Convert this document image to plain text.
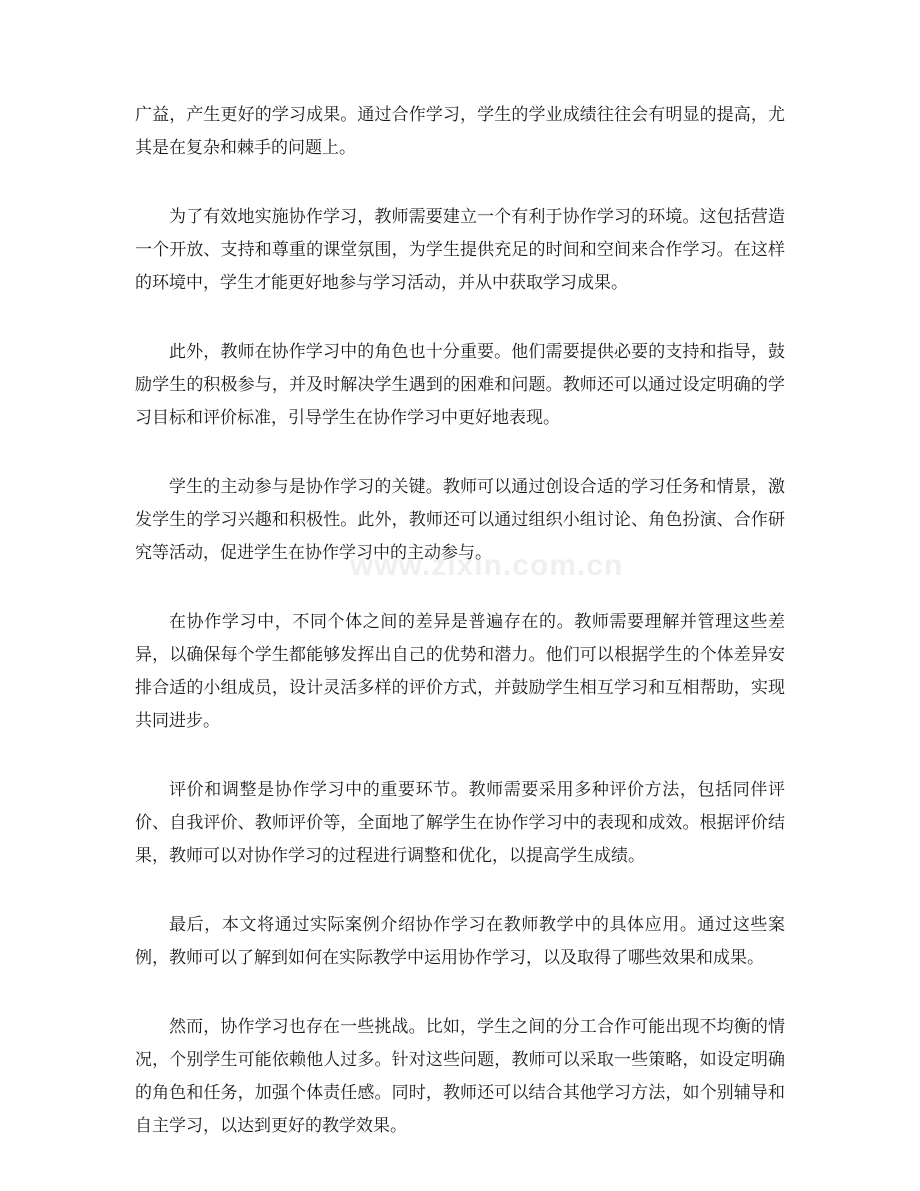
www.zixin.com.cn

广益，产生更好的学习成果。通过合作学习，学生的学业成绩往往会有明显的提高，尤其是在复杂和棘手的问题上。

为了有效地实施协作学习，教师需要建立一个有利于协作学习的环境。这包括营造一个开放、支持和尊重的课堂氛围，为学生提供充足的时间和空间来合作学习。在这样的环境中，学生才能更好地参与学习活动，并从中获取学习成果。

此外，教师在协作学习中的角色也十分重要。他们需要提供必要的支持和指导，鼓励学生的积极参与，并及时解决学生遇到的困难和问题。教师还可以通过设定明确的学习目标和评价标准，引导学生在协作学习中更好地表现。

学生的主动参与是协作学习的关键。教师可以通过创设合适的学习任务和情景，激发学生的学习兴趣和积极性。此外，教师还可以通过组织小组讨论、角色扮演、合作研究等活动，促进学生在协作学习中的主动参与。

在协作学习中，不同个体之间的差异是普遍存在的。教师需要理解并管理这些差异，以确保每个学生都能够发挥出自己的优势和潜力。他们可以根据学生的个体差异安排合适的小组成员，设计灵活多样的评价方式，并鼓励学生相互学习和互相帮助，实现共同进步。

评价和调整是协作学习中的重要环节。教师需要采用多种评价方法，包括同伴评价、自我评价、教师评价等，全面地了解学生在协作学习中的表现和成效。根据评价结果，教师可以对协作学习的过程进行调整和优化，以提高学生成绩。

最后，本文将通过实际案例介绍协作学习在教师教学中的具体应用。通过这些案例，教师可以了解到如何在实际教学中运用协作学习，以及取得了哪些效果和成果。

然而，协作学习也存在一些挑战。比如，学生之间的分工合作可能出现不均衡的情况，个别学生可能依赖他人过多。针对这些问题，教师可以采取一些策略，如设定明确的角色和任务，加强个体责任感。同时，教师还可以结合其他学习方法，如个别辅导和自主学习，以达到更好的教学效果。
